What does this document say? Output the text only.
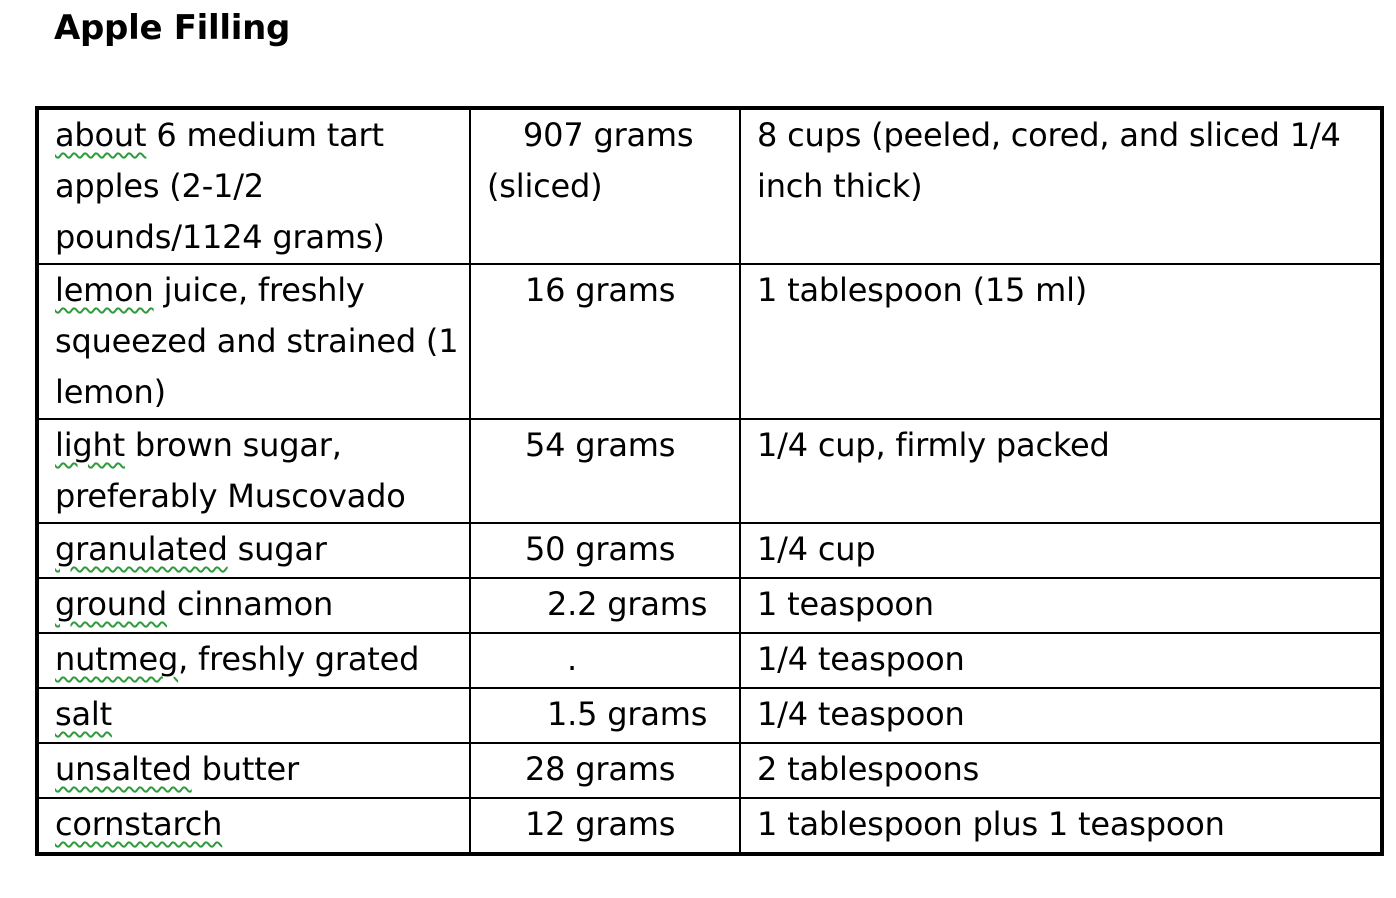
Apple Filling
about 6 medium tart apples (2-1/2 pounds/1124 grams)	907 grams (sliced)	8 cups (peeled, cored, and sliced 1/4 inch thick)
lemon juice, freshly squeezed and strained (1 lemon)	16 grams	1 tablespoon (15 ml)
light brown sugar, preferably Muscovado	54 grams	1/4 cup, firmly packed
granulated sugar	50 grams	1/4 cup
ground cinnamon	2.2 grams	1 teaspoon
nutmeg, freshly grated	.	1/4 teaspoon
salt	1.5 grams	1/4 teaspoon
unsalted butter	28 grams	2 tablespoons
cornstarch	12 grams	1 tablespoon plus 1 teaspoon
